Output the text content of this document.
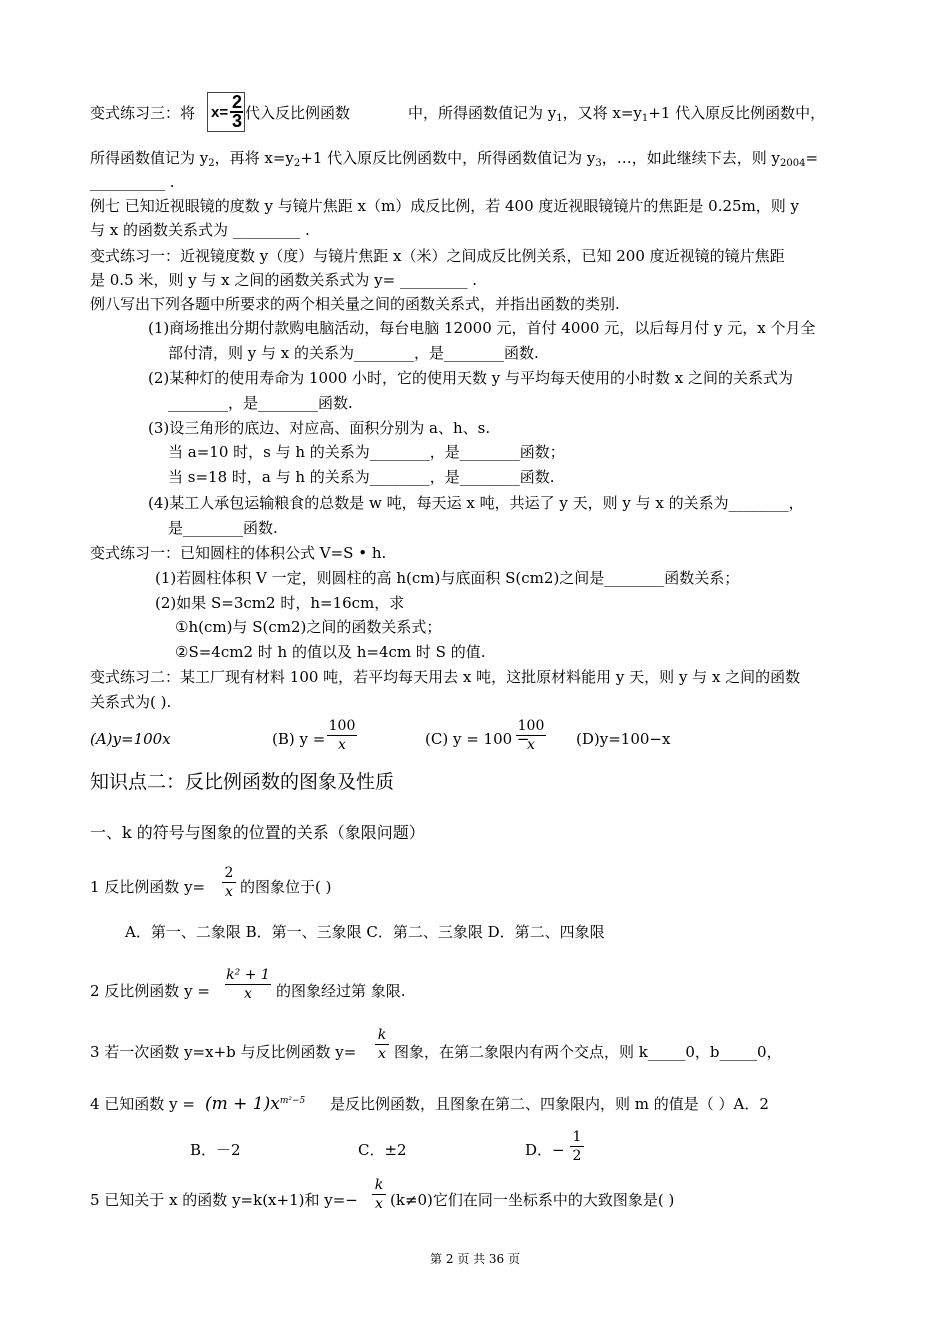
变式练习三：将 x=
2
3 代入反比例函数	中，所得函数值记为 $y_1$，又将 $x=y_1+1$ 代入原反比例函数中，
所得函数值记为 $y_2$，再将 $x=y_2+1$ 代入原反比例函数中，所得函数值记为 $y_3$，…，如此继续下去，则 $y_{2004}=$
__________ .
例七 已知近视眼镜的度数 y 与镜片焦距 x（m）成反比例，若 400 度近视眼镜镜片的焦距是 0.25m，则 y
与 x 的函数关系式为 _________ .
变式练习一：近视镜度数 y（度）与镜片焦距 x（米）之间成反比例关系，已知 200 度近视镜的镜片焦距
是 0.5 米，则 y 与 x 之间的函数关系式为 y= _________ .
例八写出下列各题中所要求的两个相关量之间的函数关系式，并指出函数的类别.
(1)商场推出分期付款购电脑活动，每台电脑 12000 元，首付 4000 元，以后每月付 y 元，x 个月全
部付清，则 y 与 x 的关系为________，是________函数.
(2)某种灯的使用寿命为 1000 小时，它的使用天数 y 与平均每天使用的小时数 x 之间的关系式为
________，是________函数.
(3)设三角形的底边、对应高、面积分别为 a、h、s.
当 a=10 时，s 与 h 的关系为________，是________函数；
当 s=18 时，a 与 h 的关系为________，是________函数.
(4)某工人承包运输粮食的总数是 w 吨，每天运 x 吨，共运了 y 天，则 y 与 x 的关系为________，
是________函数.
变式练习一：已知圆柱的体积公式 V=S • h.
(1)若圆柱体积 V 一定，则圆柱的高 h(cm)与底面积 S(cm2)之间是________函数关系；
(2)如果 S=3cm2 时，h=16cm，求
①h(cm)与 S(cm2)之间的函数关系式；
②S=4cm2 时 h 的值以及 h=4cm 时 S 的值.
变式练习二：某工厂现有材料 100 吨，若平均每天用去 x 吨，这批原材料能用 y 天，则 y 与 x 之间的函数
关系式为( ).
(A)y=100x	(B) $y = \frac{100}{x}$	(C) y = 100 −
$\frac{100}{x} (D)y=100-x$
知识点二：反比例函数的图象及性质
一、k 的符号与图象的位置的关系（象限问题）
1 反比例函数 $y= \frac{2}{x}$ 的图象位于( )
A．第一、二象限 B．第一、三象限 C．第二、三象限 D．第二、四象限
2 反比例函数 $y = \frac{\text{k² + 1}}{x}$ 的图象经过第 象限.
3 若一次函数 y=x+b 与反比例函数 $y= \frac{k}{x}$ 图象，在第二象限内有两个交点，则 k_____0，b_____0，
4 已知函数 $y = (m + 1)x^{m^2-5}$ 是反比例函数，且图象在第二、四象限内，则 m 的值是（ ）A．2
B．－2	C．±2	D．− $\frac{1}{2}$
5 已知关于 x 的函数 y=k(x+1)和 $y=- \frac{k}{x} (k\ne 0)$它们在同一坐标系中的大致图象是( )
第 2 页 共 36 页
